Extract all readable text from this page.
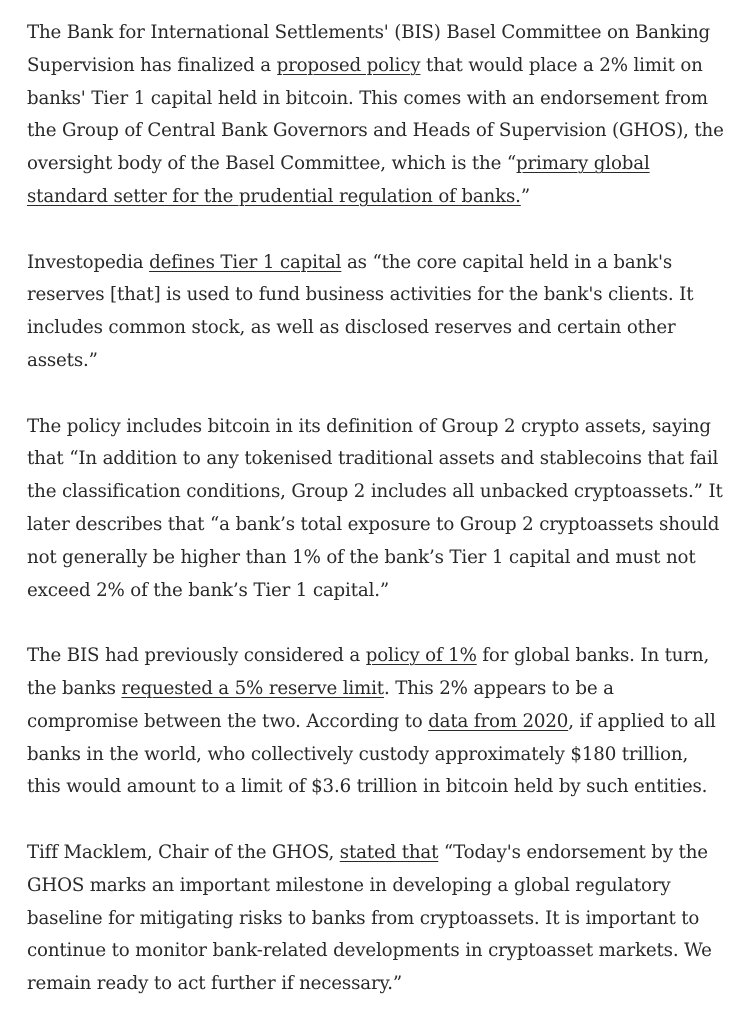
The Bank for International Settlements' (BIS) Basel Committee on Banking Supervision has finalized a proposed policy that would place a 2% limit on banks' Tier 1 capital held in bitcoin. This comes with an endorsement from the Group of Central Bank Governors and Heads of Supervision (GHOS), the oversight body of the Basel Committee, which is the “primary global standard setter for the prudential regulation of banks.”

Investopedia defines Tier 1 capital as “the core capital held in a bank's reserves [that] is used to fund business activities for the bank's clients. It includes common stock, as well as disclosed reserves and certain other assets.”

The policy includes bitcoin in its definition of Group 2 crypto assets, saying that “In addition to any tokenised traditional assets and stablecoins that fail the classification conditions, Group 2 includes all unbacked cryptoassets.” It later describes that “a bank’s total exposure to Group 2 cryptoassets should not generally be higher than 1% of the bank’s Tier 1 capital and must not exceed 2% of the bank’s Tier 1 capital.”

The BIS had previously considered a policy of 1% for global banks. In turn, the banks requested a 5% reserve limit. This 2% appears to be a compromise between the two. According to data from 2020, if applied to all banks in the world, who collectively custody approximately $180 trillion, this would amount to a limit of $3.6 trillion in bitcoin held by such entities.

Tiff Macklem, Chair of the GHOS, stated that “Today's endorsement by the GHOS marks an important milestone in developing a global regulatory baseline for mitigating risks to banks from cryptoassets. It is important to continue to monitor bank-related developments in cryptoasset markets. We remain ready to act further if necessary.”
